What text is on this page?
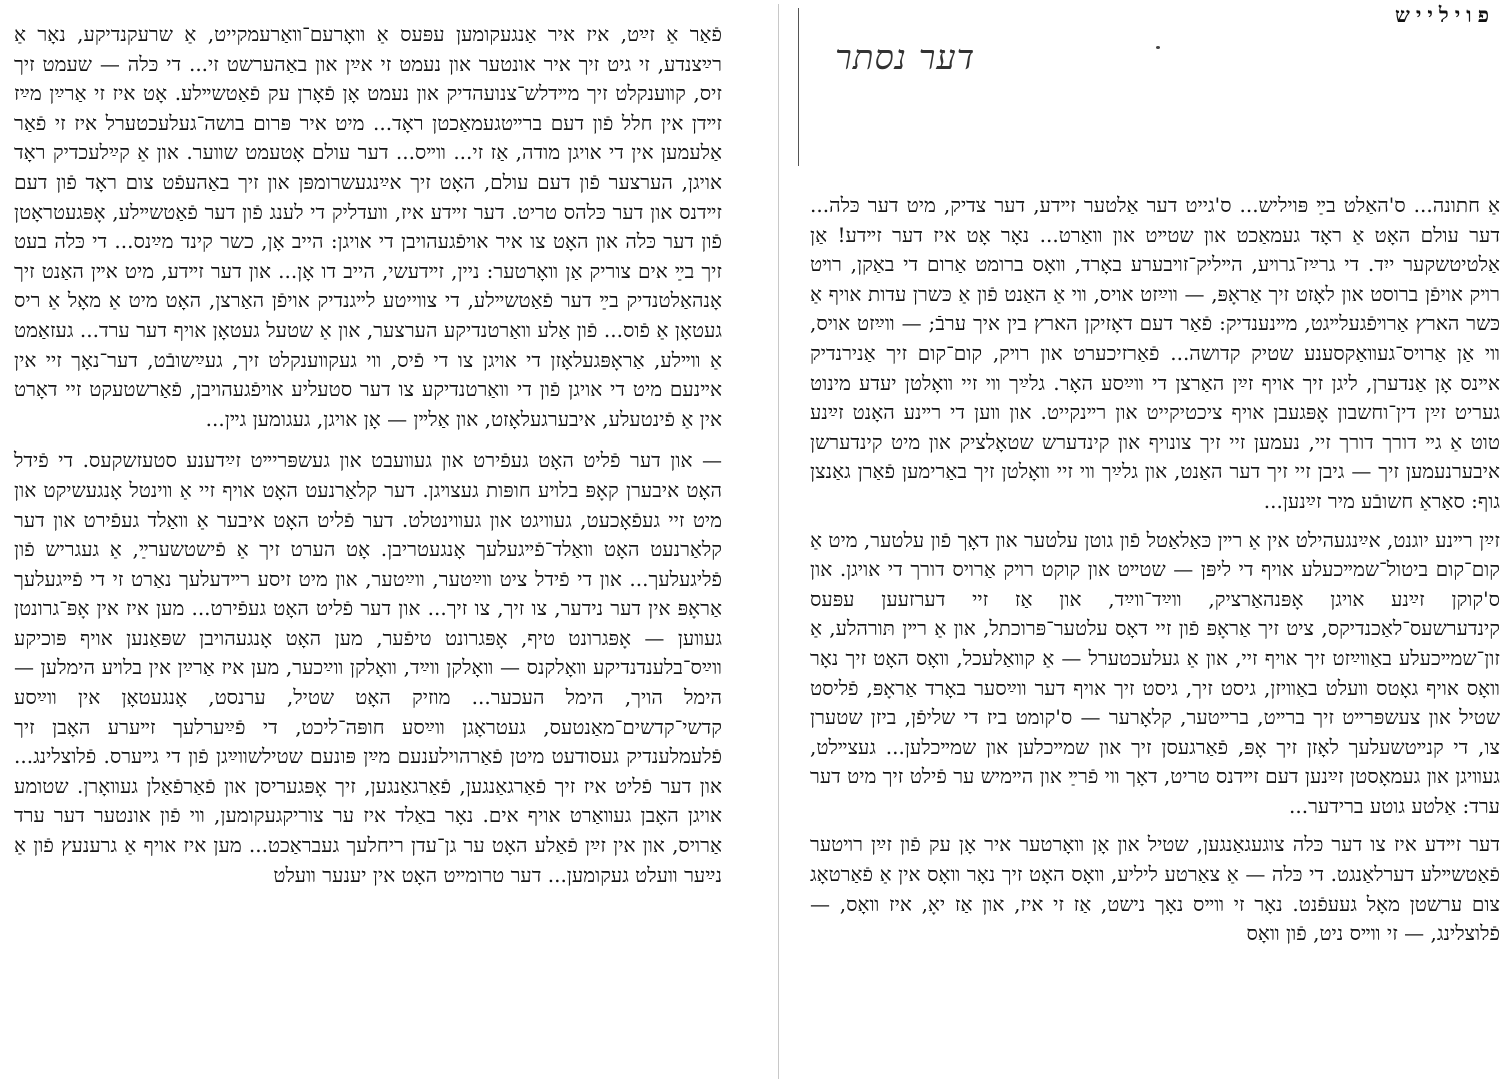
פֿאַר אַ זײַט, איז איר אַנגעקומען עפּעס אַ װאָרעם־װאַרעמקייט, אַ שרעקנדיקע, נאָר אַ רײַצנדע, זי גיט זיך איר אונטער און נעמט זי אײַן און באַהערשט זי... די כּלה — שעמט זיך זיס, קװענקלט זיך מײדלש־צנועהדיק און נעמט אָן פֿאָרן עק פֿאַטשײלע. אָט איז זי אַרײַן מײַז זײדן אין חלל פֿון דעם ברײטגעמאַכטן ראָד... מיט איר פּרום בושה־געלעכטערל איז זי פֿאַר אַלעמען אין די אויגן מודה, אַז זי... װײס... דער עולם אָטעמט שװער. און אַ קײַלעכדיק ראָד אויגן, הערצער פֿון דעם עולם, האָט זיך אײַנגעשרומפּן און זיך באַהעפֿט צום ראָד פֿון דעם זײדנס און דער כּלהס טריט. דער זײדע איז, װעדליק די לענג פֿון דער פֿאַטשײלע, אָפּגעטראָטן פֿון דער כּלה און האָט צו איר אויפֿגעהויבן די אויגן: הייב אָן, כשר קינד מײַנס... די כּלה בעט זיך בײַ אים צוריק אַן װאָרטער: ניין, זײדעשי, הייב דו אָן... און דער זײדע, מיט אײן האַנט זיך אָנהאַלטנדיק בײַ דער פֿאַטשײלע, די צװייטע לײגנדיק אויפֿן האַרצן, האָט מיט אַ מאָל אַ ריס געטאָן אַ פֿוס... פֿון אַלע װאַרטנדיקע הערצער, און אַ שטעל געטאָן אויף דער ערד... געזאַמט אַ װײלע, אַראָפּגעלאָזן די אויגן צו די פֿיס, װי געקװענקלט זיך, געײַשובֿט, דער־נאָך זיי אין אײנעם מיט די אויגן פֿון די װאַרטנדיקע צו דער סטעליע אויפֿגעהויבן, פֿאַרשטעקט זיי דאָרט אין אַ פֿינטעלע, איבערגעלאָזט, און אַלײן — אָן אויגן, געגומען גײן...

— און דער פֿליט האָט געפֿירט און געװעבט און געשפּריײט זײַדענע סטעזשקעס. די פֿידל האָט איבערן קאָפּ בלױע חופּות געצױגן. דער קלאַרנעט האָט אויף זיי אַ װינטל אָנגעשיקט און מיט זיי געפֿאָכעט, געװיגט און געװינטלט. דער פֿליט האָט איבער אַ װאַלד געפֿירט און דער קלאַרנעט האָט װאַלד־פֿײגעלעך אָנגעטריבן. אָט הערט זיך אַ פֿישטשערײַ, אַ געגריש פֿון פֿליגעלעך... און די פֿידל ציט װײַטער, װײַטער, און מיט זיסע רײדעלעך נאַרט זי די פֿײגעלעך אַראָפּ אין דער נידער, צו זיך, צו זיך... און דער פֿליט האָט געפֿירט... מען איז אין אָפּ־גרונטן געװען — אָפּגרונט טיף, אָפּגרונט טיפֿער, מען האָט אָנגעהויבן שפּאַנען אויף פּוכיקע װײַס־בלענדנדיקע װאָלקנס — װאָלקן װײַד, װאָלקן װײַכער, מען איז אַרײַן אין בלױע הימלען — הימל הויך, הימל העכער... מוזיק האָט שטיל, ערנסט, אָנגעטאָן אין װײַסע קדשי־קדשים־מאַנטעס, געטראָגן װײַסע חופּה־ליכט, די פֿײַערלעך זײערע האָבן זיך פֿלעמלענדיק געסודעט מיטן פֿאַרהוילענעם מײַן פּונעם שטילשװײַגן פֿון די גײערס. פֿלוצלינג... און דער פֿליט איז זיך פֿאַרגאַנגען, פֿאַרגאַנגען, זיך אָפּגעריסן און פֿאַרפֿאַלן געװאָרן. שטומע אויגן האָבן געװאַרט אויף אים. נאָר באַלד איז ער צוריקגעקומען, װי פֿון אונטער דער ערד אַרויס, און אין זײַן פֿאַלע האָט ער גן־עדן ריחלעך געבראַכט... מען איז אויף אַ גרענעץ פֿון אַ נײַער װעלט געקומען... דער טרומײט האָט אין יענער װעלט

פוילייש
דער נסתר

אַ חתונה... ס'האַלט בײַ פּויליש... ס'גייט דער אַלטער זײדע, דער צדיק, מיט דער כּלה... דער עולם האָט אַ ראָד געמאַכט און שטײט און װאַרט... נאָר אָט איז דער זײדע! אַן אַלטיטשקער ייִד. די גרײַז־גרױע, הײליק־זױבערע באָרד, װאָס ברומט אַרום די באַקן, רױט רױק אויפֿן ברוסט און לאָזט זיך אַראָפּ, — װײַזט אויס, װי אַ האַנט פֿון אַ כּשרן עדות אויף אַ כּשר הארץ אַרױפֿגעלײגט, מײנענדיק: פֿאַר דעם דאָזיקן הארץ בין איך ערבֿ; — װײַזט אויס, װי אַן אַרויס־געװאַקסענע שטיק קדושה... פֿאַרזיכערט און רױק, קום־קום זיך אַנירנדיק אײנס אָן אַנדערן, ליגן זיך אויף זײַן האַרצן די װײַסע האָר. גלײַך װי זיי װאָלטן יעדע מינוט געריט זײַן דין־וחשבון אָפּגעבן אויף ציכטיקייט און רײנקייט. און װען די רײנע האָנט זײַנע טוט אַ גײ דורך דורך זיי, נעמען זיי זיך צונויף און קינדערש שטאָלציק און מיט קינדערשן איבערנעמען זיך — גיבן זיי זיך דער האַנט, און גלײַך װי זיי װאָלטן זיך באַרימען פֿאַרן גאַנצן גוף: סאַראַ חשובֿע מיר זײַנען...

זײַן רײנע יוגנט, אײַנגעהילט אין אַ רײן כּאַלאַטל פֿון גוטן עלטער און דאָך פֿון עלטער, מיט אַ קום־קום ביטול־שמײכעלע אויף די ליפּן — שטײט און קוקט רױק אַרויס דורך די אויגן. און ס'קוקן זײַנע אויגן אָפּנהאַרציק, װײַד־װײַד, און אַז זיי דערזעען עפּעס קינדערשעס־לאַכנדיקס, ציט זיך אַראָפּ פֿון זיי דאָס עלטער־פּרוכתל, און אַ רײן תּורהלע, אַ זון־שמײכעלע באַװײַזט זיך אויף זיי, און אַ געלעכטערל — אַ קװאַלעכל, װאָס האָט זיך נאָר װאָס אויף גאָטס װעלט באַװיזן, גיסט זיך, גיסט זיך אויף דער װײַסער באָרד אַראָפּ, פֿליסט שטיל און צעשפּרײט זיך ברײט, ברײטער, קלאָרער — ס'קומט ביז די שליפֿן, ביזן שטערן צו, די קנײטשעלעך לאָזן זיך אָפּ, פֿאַרגעסן זיך און שמײכלען און שמײכלען... געצײלט, געװיגן און געמאָסטן זײַנען דעם זײדנס טריט, דאָך װי פֿרײַ און הײמיש ער פֿילט זיך מיט דער ערד: אַלטע גוטע ברידער...

דער זײדע איז צו דער כּלה צוגעגאַנגען, שטיל און אָן װאָרטער איר אָן עק פֿון זײַן רױטער פֿאַטשײלע דערלאַנגט. די כּלה — אַ צאַרטע ליליע, װאָס האָט זיך נאָר װאָס אין אַ פֿאַרטאָג צום ערשטן מאָל געעפֿנט. נאָר זי װײס נאָך נישט, אַז זי איז, און אַז יאָ, איז װאָס, — פֿלוצלינג, — זי װײס ניט, פֿון װאָס
